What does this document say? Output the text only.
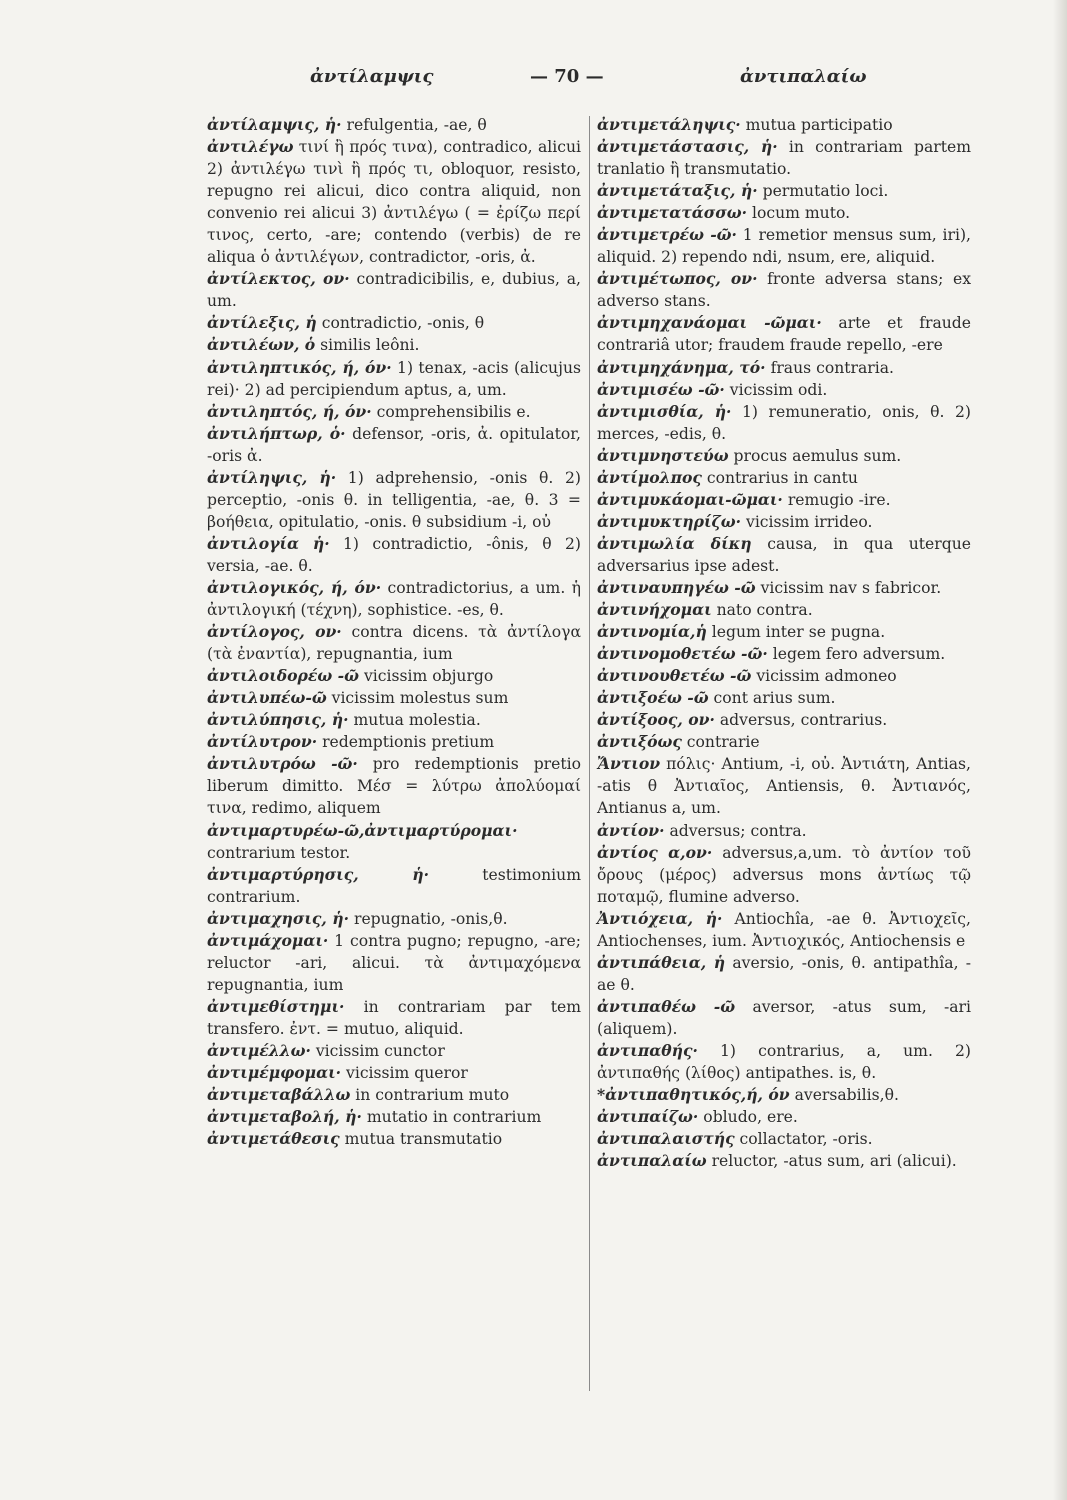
ἀντίλαμψις	— 70 —	ἀντιπαλαίω

ἀντίλαμψις, ἡ· refulgentia, -ae, θ

ἀντιλέγω τινί ἢ πρός τινα), contradico, alicui 2) ἀντιλέγω τινὶ ἢ πρός τι, obloquor, resisto, repugno rei alicui, dico contra aliquid, non convenio rei alicui 3) ἀντιλέγω ( = ἐρίζω περί τινος, certo, -are; contendo (verbis) de re aliqua ὁ ἀντιλέγων, contradictor, -oris, ἀ.

ἀντίλεκτος, ον· contradicibilis, e, dubius, a, um.

ἀντίλεξις, ἡ contradictio, -onis, θ

ἀντιλέων, ὁ similis leôni.

ἀντιληπτικός, ή, όν· 1) tenax, -acis (alicujus rei)· 2) ad percipiendum aptus, a, um.

ἀντιληπτός, ή, όν· comprehensibilis e.

ἀντιλήπτωρ, ὁ· defensor, -oris, ἀ. opitulator, -oris ἀ.

ἀντίληψις, ἡ· 1) adprehensio, -onis θ. 2) perceptio, -onis θ. in telligentia, -ae, θ. 3 = βοήθεια, opitulatio, -onis. θ subsidium -i, οὐ

ἀντιλογία ἡ· 1) contradictio, -ônis, θ 2) versia, -ae. θ.

ἀντιλογικός, ή, όν· contradictorius, a um. ἡ ἀντιλογική (τέχνη), sophistice. -es, θ.

ἀντίλογος, ον· contra dicens. τὰ ἀντίλογα (τὰ ἐναντία), repugnantia, ium

ἀντιλοιδορέω -ῶ vicissim objurgo

ἀντιλυπέω-ῶ vicissim molestus sum

ἀντιλύπησις, ἡ· mutua molestia.

ἀντίλυτρον· redemptionis pretium

ἀντιλυτρόω -ῶ· pro redemptionis pretio liberum dimitto. Μέσ = λύτρω ἀπολύομαί τινα, redimo, aliquem

ἀντιμαρτυρέω-ῶ,ἀντιμαρτύρομαι· contrarium testor.

ἀντιμαρτύρησις, ἡ· testimonium contrarium.

ἀντιμαχησις, ἡ· repugnatio, -onis,θ.

ἀντιμάχομαι· 1 contra pugno; repugno, -are; reluctor -ari, alicui. τὰ ἀντιμαχόμενα repugnantia, ium

ἀντιμεθίστημι· in contrariam par tem transfero. ἐντ. = mutuo, aliquid.

ἀντιμέλλω· vicissim cunctor

ἀντιμέμφομαι· vicissim queror

ἀντιμεταβάλλω in contrarium muto

ἀντιμεταβολή, ἡ· mutatio in contrarium

ἀντιμετάθεσις mutua transmutatio

ἀντιμετάληψις· mutua participatio

ἀντιμετάστασις, ἡ· in contrariam partem tranlatio ἢ transmutatio.

ἀντιμετάταξις, ἡ· permutatio loci.

ἀντιμετατάσσω· locum muto.

ἀντιμετρέω -ῶ· 1 remetior mensus sum, iri), aliquid. 2) rependo ndi, nsum, ere, aliquid.

ἀντιμέτωπος, ον· fronte adversa stans; ex adverso stans.

ἀντιμηχανάομαι -ῶμαι· arte et fraude contrariâ utor; fraudem fraude repello, -ere

ἀντιμηχάνημα, τό· fraus contraria.

ἀντιμισέω -ῶ· vicissim odi.

ἀντιμισθία, ἡ· 1) remuneratio, onis, θ. 2) merces, -edis, θ.

ἀντιμνηστεύω procus aemulus sum.

ἀντίμολπος contrarius in cantu

ἀντιμυκάομαι-ῶμαι· remugio -ire.

ἀντιμυκτηρίζω· vicissim irrideo.

ἀντιμωλία δίκη causa, in qua uterque adversarius ipse adest.

ἀντιναυπηγέω -ῶ vicissim nav s fabricor.

ἀντινήχομαι nato contra.

ἀντινομία,ἡ legum inter se pugna.

ἀντινομοθετέω -ῶ· legem fero adversum.

ἀντινουθετέω -ῶ vicissim admoneo

ἀντιξοέω -ῶ cont arius sum.

ἀντίξοος, ον· adversus, contrarius.

ἀντιξόως contrarie

Ἄντιον πόλις· Antium, -i, οὐ. Ἀντιάτη, Antias, -atis θ Ἀντιαῖος, Antiensis, θ. Ἀντιανός, Antianus a, um.

ἀντίον· adversus; contra.

ἀντίος α,ον· adversus,a,um. τὸ ἀντίον τοῦ ὄρους (μέρος) adversus mons ἀντίως τῷ ποταμῷ, flumine adverso.

Ἀντιόχεια, ἡ· Antiochîa, -ae θ. Ἀντιοχεῖς, Antiochenses, ium. Ἀντιοχικός, Antiochensis e

ἀντιπάθεια, ἡ aversio, -onis, θ. antipathîa, -ae θ.

ἀντιπαθέω -ῶ aversor, -atus sum, -ari (aliquem).

ἀντιπαθής· 1) contrarius, a, um. 2) ἀντιπαθής (λίθος) antipathes. is, θ.

*ἀντιπαθητικός,ή, όν aversabilis,θ.

ἀντιπαίζω· obludo, ere.

ἀντιπαλαιστής collactator, -oris.

ἀντιπαλαίω reluctor, -atus sum, ari (alicui).
